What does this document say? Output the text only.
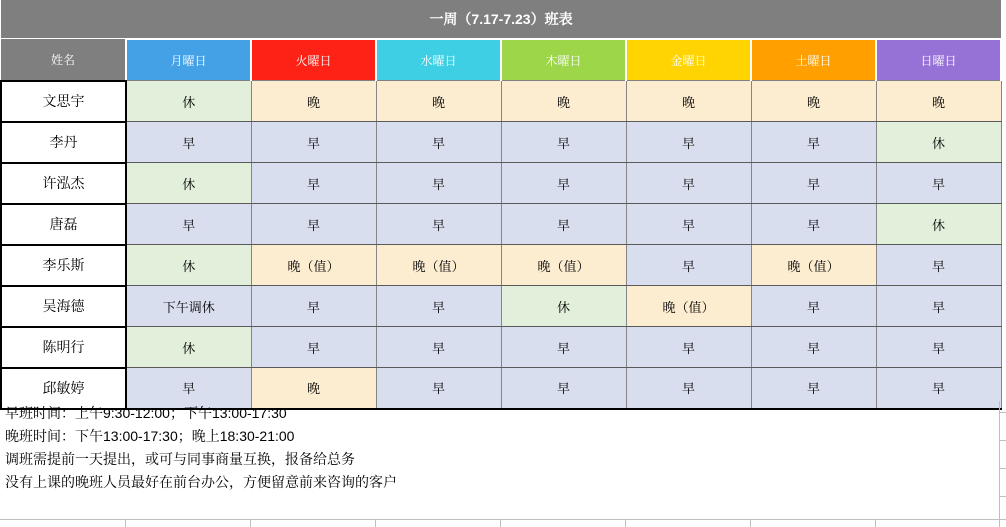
一周（7.17-7.23）班表							
姓名	月曜日	火曜日	水曜日	木曜日	金曜日	土曜日	日曜日
文思宇	休	晚	晚	晚	晚	晚	晚
李丹	早	早	早	早	早	早	休
许泓杰	休	早	早	早	早	早	早
唐磊	早	早	早	早	早	早	休
李乐斯	休	晚（值）	晚（值）	晚（值）	早	晚（值）	早
吴海德	下午调休	早	早	休	晚（值）	早	早
陈明行	休	早	早	早	早	早	早
邱敏婷	早	晚	早	早	早	早	早
早班时间：上午9:30-12:00；下午13:00-17:30
晚班时间：下午13:00-17:30；晚上18:30-21:00
调班需提前一天提出，或可与同事商量互换，报备给总务
没有上课的晚班人员最好在前台办公，方便留意前来咨询的客户
